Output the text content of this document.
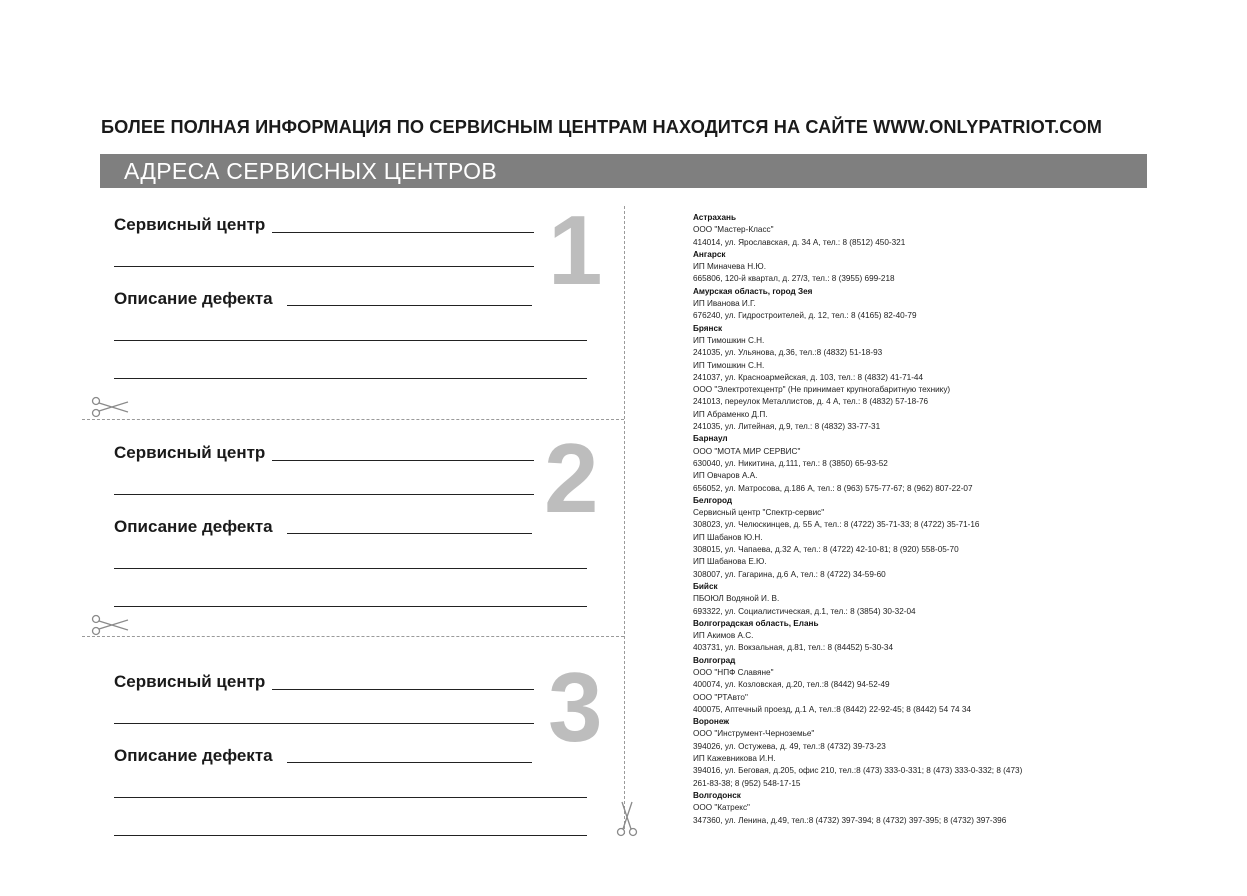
БОЛЕЕ ПОЛНАЯ ИНФОРМАЦИЯ ПО СЕРВИСНЫМ ЦЕНТРАМ НАХОДИТСЯ НА САЙТЕ WWW.ONLYPATRIOT.COM
АДРЕСА СЕРВИСНЫХ ЦЕНТРОВ
Сервисный центр
Описание дефекта	1
Сервисный центр
Описание дефекта	2
Сервисный центр
Описание дефекта	3
Астрахань
ООО "Мастер-Класс"
414014, ул. Ярославская, д. 34 А, тел.: 8 (8512) 450-321
Ангарск
ИП Миначева Н.Ю.
665806, 120-й квартал, д. 27/3, тел.: 8 (3955) 699-218
Амурская область, город Зея
ИП Иванова И.Г.
676240, ул. Гидростроителей, д. 12, тел.: 8 (4165) 82-40-79
Брянск
ИП Тимошкин С.Н.
241035, ул. Ульянова, д.36, тел.:8 (4832) 51-18-93
ИП Тимошкин С.Н.
241037, ул. Красноармейская, д. 103, тел.: 8 (4832) 41-71-44
ООО "Электротехцентр" (Не принимает крупногабаритную технику)
241013, переулок Металлистов, д. 4 А, тел.: 8 (4832) 57-18-76
ИП Абраменко Д.П.
241035, ул. Литейная, д.9, тел.: 8 (4832) 33-77-31
Барнаул
ООО "МОТА МИР СЕРВИС"
630040, ул. Никитина, д.111, тел.: 8 (3850) 65-93-52
ИП Овчаров А.А.
656052, ул. Матросова, д.186 А, тел.: 8 (963) 575-77-67; 8 (962) 807-22-07
Белгород
Сервисный центр "Спектр-сервис"
308023, ул. Челюскинцев, д. 55 А, тел.: 8 (4722) 35-71-33; 8 (4722) 35-71-16
ИП Шабанов Ю.Н.
308015, ул. Чапаева, д.32 А, тел.: 8 (4722) 42-10-81; 8 (920) 558-05-70
ИП Шабанова Е.Ю.
308007, ул. Гагарина, д.6 А, тел.: 8 (4722) 34-59-60
Бийск
ПБОЮЛ Водяной И. В.
693322, ул. Социалистическая, д.1, тел.: 8 (3854) 30-32-04
Волгоградская область, Елань
ИП Акимов А.С.
403731, ул. Вокзальная, д.81, тел.: 8 (84452) 5-30-34
Волгоград
ООО "НПФ Славяне"
400074, ул. Козловская, д.20, тел.:8 (8442) 94-52-49
ООО "РТАвто"
400075, Аптечный проезд, д.1 А, тел.:8 (8442) 22-92-45; 8 (8442) 54 74 34
Воронеж
ООО "Инструмент-Черноземье"
394026, ул. Остужева, д. 49, тел.:8 (4732) 39-73-23
ИП Кажевникова И.Н.
394016, ул. Беговая, д.205, офис 210, тел.:8 (473) 333-0-331; 8 (473) 333-0-332; 8 (473)
261-83-38; 8 (952) 548-17-15
Волгодонск
ООО "Катрекс"
347360, ул. Ленина, д.49, тел.:8 (4732) 397-394; 8 (4732) 397-395; 8 (4732) 397-396
